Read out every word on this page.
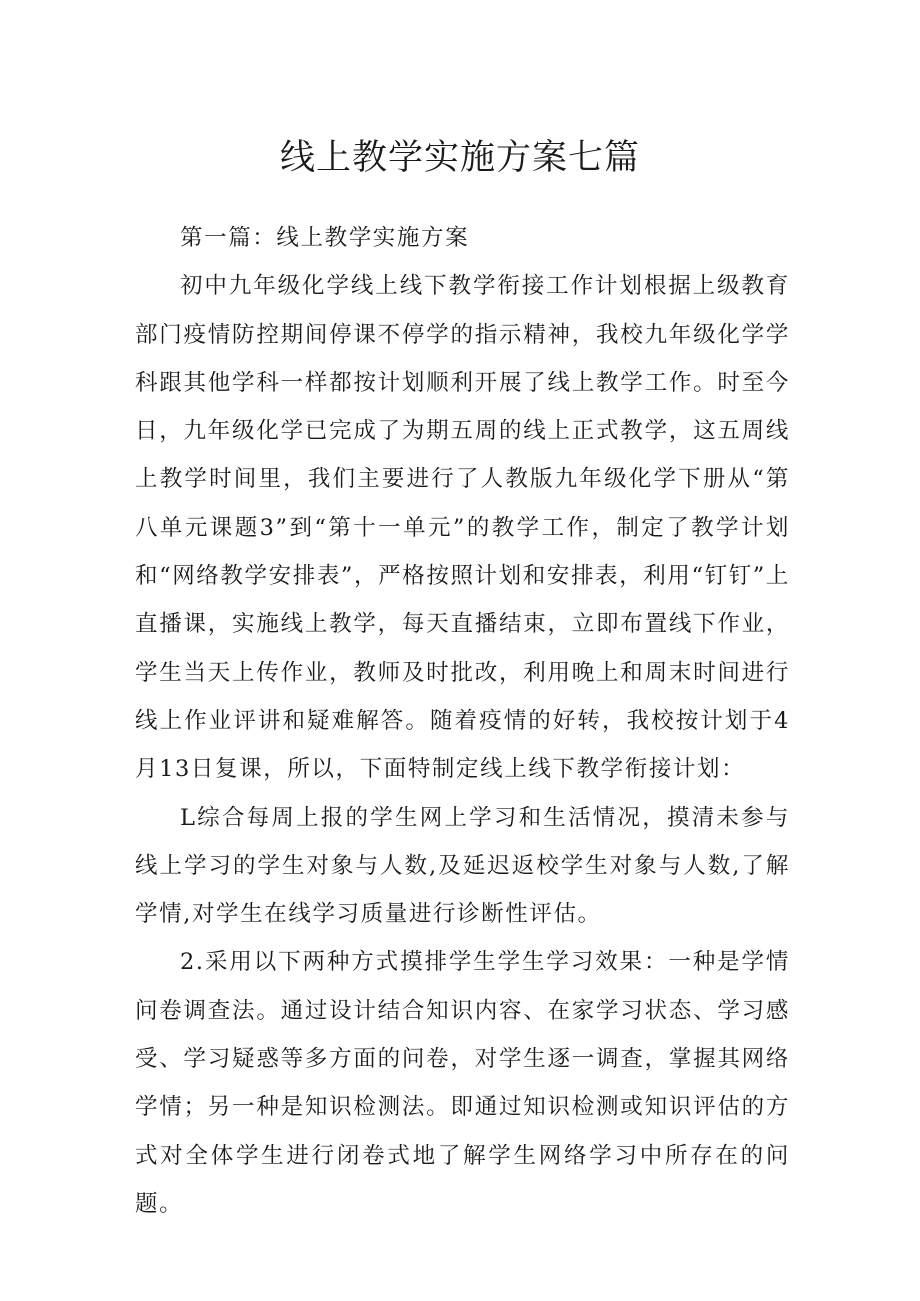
线上教学实施方案七篇

第一篇：线上教学实施方案

初中九年级化学线上线下教学衔接工作计划根据上级教育部门疫情防控期间停课不停学的指示精神，我校九年级化学学科跟其他学科一样都按计划顺利开展了线上教学工作。时至今日，九年级化学已完成了为期五周的线上正式教学，这五周线上教学时间里，我们主要进行了人教版九年级化学下册从“第八单元课题3”到“第十一单元”的教学工作，制定了教学计划和“网络教学安排表”，严格按照计划和安排表，利用“钉钉”上直播课，实施线上教学，每天直播结束，立即布置线下作业，学生当天上传作业，教师及时批改，利用晚上和周末时间进行线上作业评讲和疑难解答。随着疫情的好转，我校按计划于4月13日复课，所以，下面特制定线上线下教学衔接计划：

L综合每周上报的学生网上学习和生活情况，摸清未参与线上学习的学生对象与人数,及延迟返校学生对象与人数,了解学情,对学生在线学习质量进行诊断性评估。

2.采用以下两种方式摸排学生学生学习效果：一种是学情问卷调查法。通过设计结合知识内容、在家学习状态、学习感受、学习疑惑等多方面的问卷，对学生逐一调查，掌握其网络学情；另一种是知识检测法。即通过知识检测或知识评估的方式对全体学生进行闭卷式地了解学生网络学习中所存在的问题。
